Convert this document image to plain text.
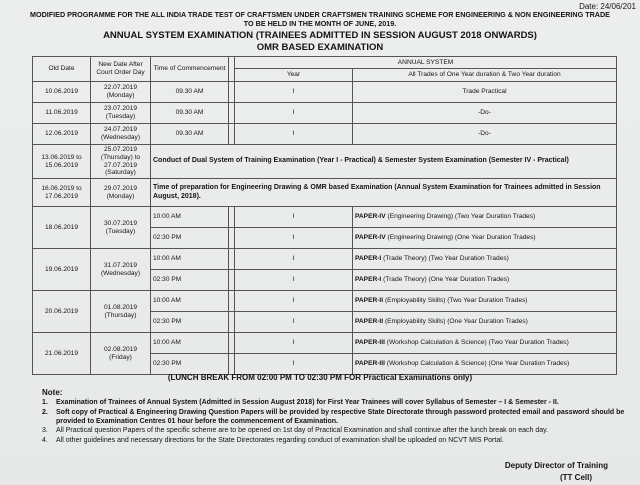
Date: 24/06/201
MODIFIED PROGRAMME FOR THE ALL INDIA TRADE TEST OF CRAFTSMEN UNDER CRAFTSMEN TRAINING SCHEME FOR ENGINEERING & NON ENGINEERING TRADE
TO BE HELD IN THE MONTH OF JUNE, 2019.
ANNUAL SYSTEM EXAMINATION (TRAINEES ADMITTED IN SESSION AUGUST 2018 ONWARDS)
OMR BASED EXAMINATION
Old Date	New Date After Court Order Day	Time of Commencement		ANNUAL SYSTEM	
				Year	All Trades of One Year duration & Two Year duration
10.06.2019	22.07.2019 (Monday)	09.30 AM		I	Trade Practical
11.06.2019	23.07.2019 (Tuesday)	09.30 AM		I	-Do-
12.06.2019	24.07.2019 (Wednesday)	09.30 AM		I	-Do-
13.06.2019 to 15.06.2019	25.07.2019 (Thursday) to 27.07.2019 (Saturday)	Conduct of Dual System of Training Examination (Year I - Practical) & Semester System Examination (Semester IV - Practical)			
16.06.2019 to 17.06.2019	29.07.2019 (Monday)	Time of preparation for Engineering Drawing & OMR based Examination (Annual System Examination for Trainees admitted in Session August, 2018).			
18.06.2019	30.07.2019 (Tuesday)	10:00 AM		I	PAPER-IV (Engineering Drawing) (Two Year Duration Trades)
		02:30 PM		I	PAPER-IV (Engineering Drawing) (One Year Duration Trades)
19.06.2019	31.07.2019 (Wednesday)	10:00 AM		I	PAPER-I (Trade Theory) (Two Year Duration Trades)
		02:30 PM		I	PAPER-I (Trade Theory) (One Year Duration Trades)
20.06.2019	01.08.2019 (Thursday)	10:00 AM		I	PAPER-II (Employability Skills) (Two Year Duration Trades)
		02:30 PM		I	PAPER-II (Employability Skills) (One Year Duration Trades)
21.06.2019	02.08.2019 (Friday)	10:00 AM		I	PAPER-III (Workshop Calculation & Science) (Two Year Duration Trades)
		02:30 PM		I	PAPER-III (Workshop Calculation & Science) (One Year Duration Trades)
(LUNCH BREAK FROM 02:00 PM TO 02:30 PM FOR Practical Examinations only)
Note:
1.	Examination of Trainees of Annual System (Admitted in Session August 2018) for First Year Trainees will cover Syllabus of Semester – I & Semester - II.
2.	Soft copy of Practical & Engineering Drawing Question Papers will be provided by respective State Directorate through password protected email and password should be provided to Examination Centres 01 hour before the commencement of Examination.
3.	All Practical question Papers of the specific scheme are to be opened on 1st day of Practical Examination and shall continue after the lunch break on each day.
4.	All other guidelines and necessary directions for the State Directorates regarding conduct of examination shall be uploaded on NCVT MIS Portal.
Deputy Director of Training
(TT Cell)
